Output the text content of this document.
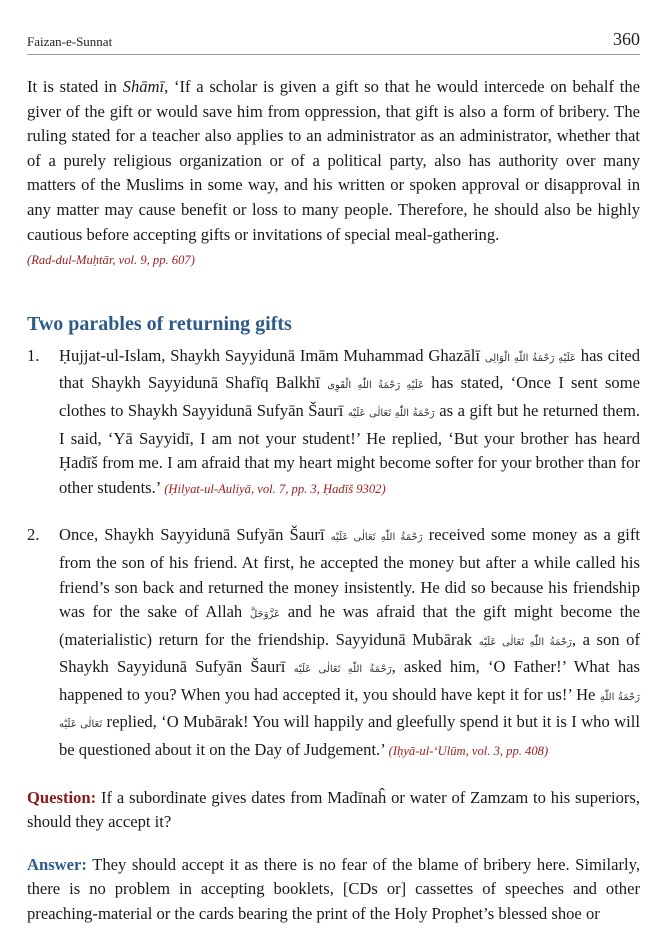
Faizan-e-Sunnat	360

It is stated in Shāmī, ‘If a scholar is given a gift so that he would intercede on behalf the giver of the gift or would save him from oppression, that gift is also a form of bribery. The ruling stated for a teacher also applies to an administrator as an administrator, whether that of a purely religious organization or of a political party, also has authority over many matters of the Muslims in some way, and his written or spoken approval or disapproval in any matter may cause benefit or loss to many people. Therefore, he should also be highly cautious before accepting gifts or invitations of special meal-gathering.
(Rad-dul-Muḥtār, vol. 9, pp. 607)

Two parables of returning gifts
1.	Ḥujjat-ul-Islam, Shaykh Sayyidunā Imām Muhammad Ghazālī عَلَيْهِ رَحْمَةُ اللّٰهِ الْوَالِى has cited that Shaykh Sayyidunā Shafīq Balkhī عَلَيْهِ رَحْمَةُ اللّٰهِ الْقَوِى has stated, ‘Once I sent some clothes to Shaykh Sayyidunā Sufyān Šaurī رَحْمَةُ اللّٰهِ تَعَالٰى عَلَيْه as a gift but he returned them. I said, ‘Yā Sayyidī, I am not your student!’ He replied, ‘But your brother has heard Ḥadīš from me. I am afraid that my heart might become softer for your brother than for other students.’ (Ḥilyat-ul-Auliyā, vol. 7, pp. 3, Ḥadīš 9302)
2.	Once, Shaykh Sayyidunā Sufyān Šaurī رَحْمَةُ اللّٰهِ تَعَالٰى عَلَيْه received some money as a gift from the son of his friend. At first, he accepted the money but after a while called his friend’s son back and returned the money insistently. He did so because his friendship was for the sake of Allah عَزَّوَجَلَّ and he was afraid that the gift might become the (materialistic) return for the friendship. Sayyidunā Mubārak رَحْمَةُ اللّٰهِ تَعَالٰى عَلَيْه, a son of Shaykh Sayyidunā Sufyān Šaurī رَحْمَةُ اللّٰهِ تَعَالٰى عَلَيْه, asked him, ‘O Father!’ What has happened to you? When you had accepted it, you should have kept it for us!’ He رَحْمَةُ اللّٰهِ تَعَالٰى عَلَيْه replied, ‘O Mubārak! You will happily and gleefully spend it but it is I who will be questioned about it on the Day of Judgement.’ (Iḥyā-ul-‘Ulūm, vol. 3, pp. 408)

Question: If a subordinate gives dates from Madīnaĥ or water of Zamzam to his superiors, should they accept it?

Answer: They should accept it as there is no fear of the blame of bribery here. Similarly, there is no problem in accepting booklets, [CDs or] cassettes of speeches and other preaching-material or the cards bearing the print of the Holy Prophet’s blessed shoe or
